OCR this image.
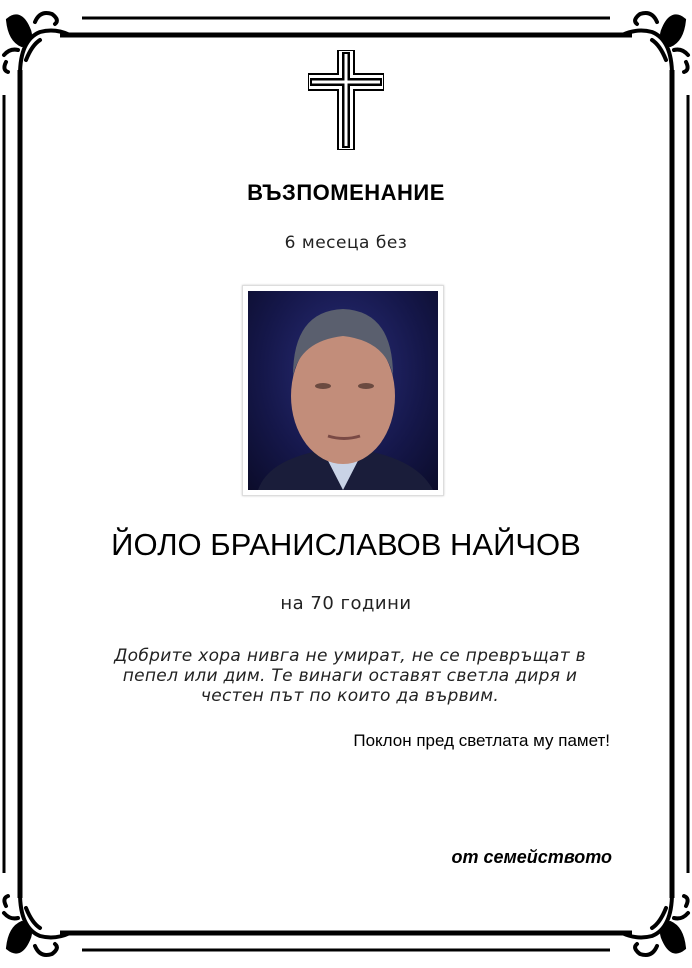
ВЪЗПОМЕНАНИЕ
6 месеца без
ЙОЛО БРАНИСЛАВОВ НАЙЧОВ
на 70 години
Добрите хора нивга не умират, не се превръщат в пепел или дим. Те винаги оставят светла диря и честен път по които да вървим.
Поклон пред светлата му памет!
от семейството
